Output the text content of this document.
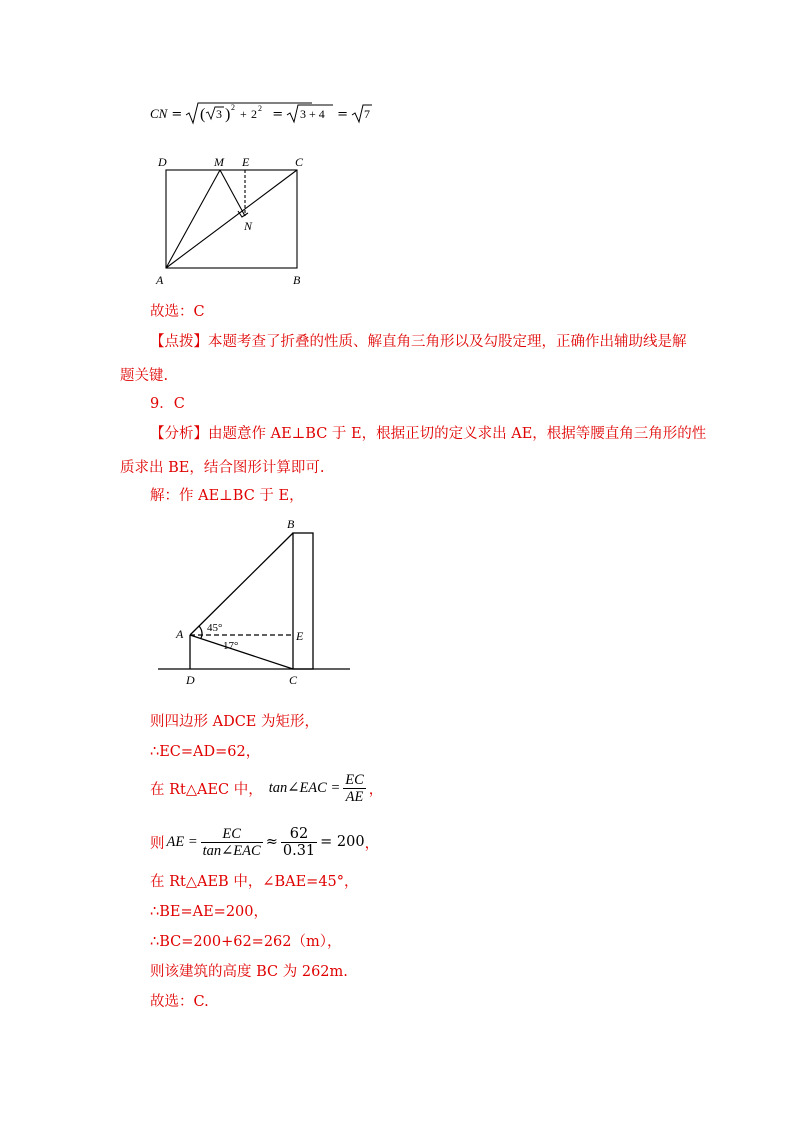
CN = ( 3 ) 2 + 2 2 = 3 + 4 = 7
D	M E	C
N
A	B
故选：C
【点拨】本题考查了折叠的性质、解直角三角形以及勾股定理，正确作出辅助线是解
题关键.
9．C
【分析】由题意作 AE⊥BC 于 E，根据正切的定义求出 AE，根据等腰直角三角形的性
质求出 BE，结合图形计算即可.
解：作 AE⊥BC 于 E，
B
A	E
D	C
45°
17°
则四边形 ADCE 为矩形，
∴EC=AD=62，
在 Rt△AEC 中， tan∠EAC = $\frac{EC}{AE}$ ，
则 AE = $\frac{EC}{\text{tan∠EAC}} \approx \frac{62}{0.31} = 200$ ，
在 Rt△AEB 中，∠BAE=45°，
∴BE=AE=200，
∴BC=200+62=262（m），
则该建筑的高度 BC 为 262m.
故选：C.
